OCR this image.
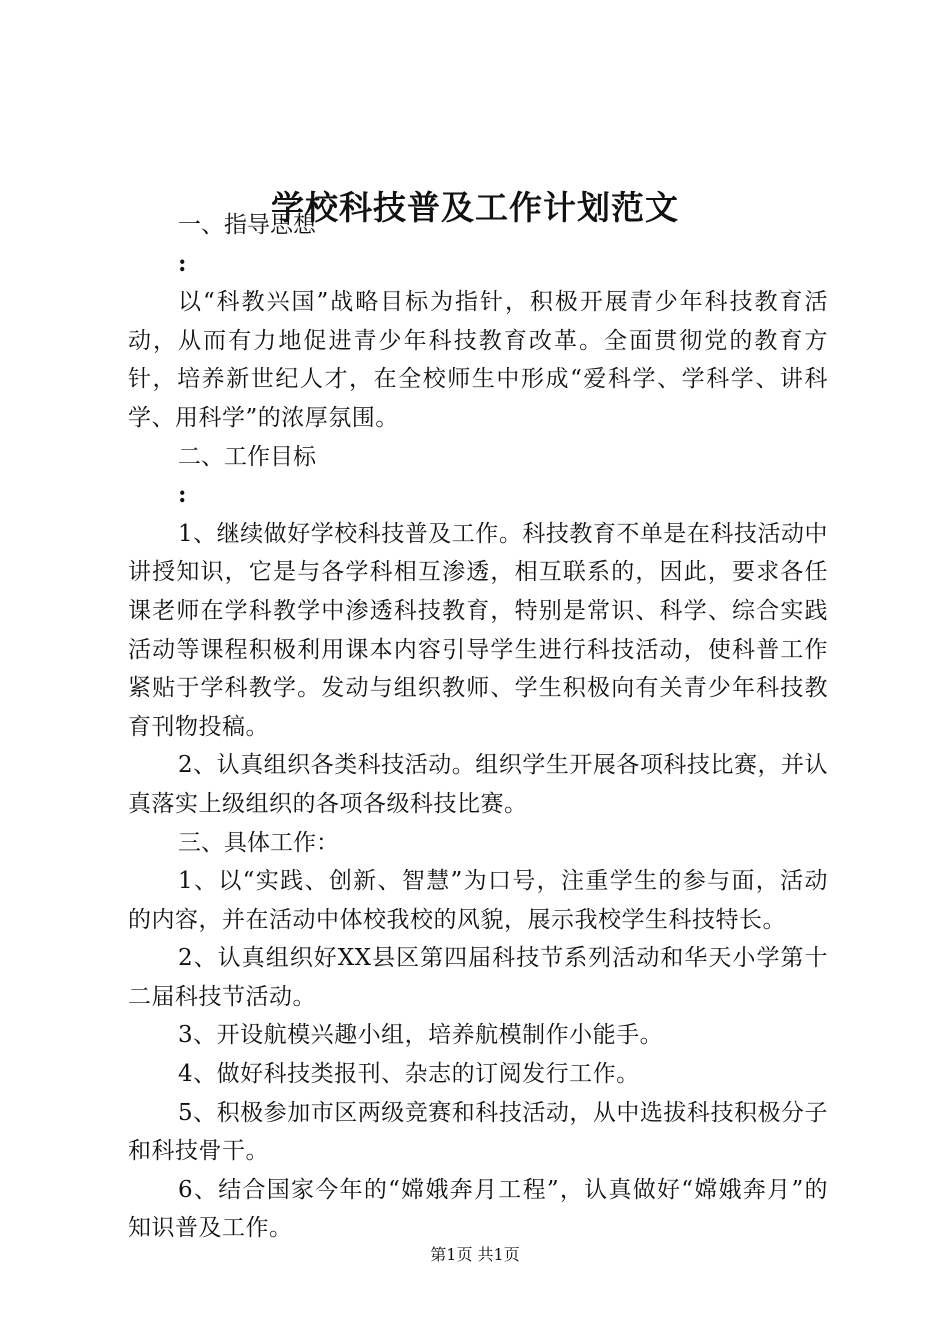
学校科技普及工作计划范文

一、指导思想

:

以“科教兴国”战略目标为指针，积极开展青少年科技教育活动，从而有力地促进青少年科技教育改革。全面贯彻党的教育方针，培养新世纪人才，在全校师生中形成“爱科学、学科学、讲科学、用科学”的浓厚氛围。

二、工作目标

:

1、继续做好学校科技普及工作。科技教育不单是在科技活动中讲授知识，它是与各学科相互渗透，相互联系的，因此，要求各任课老师在学科教学中渗透科技教育，特别是常识、科学、综合实践活动等课程积极利用课本内容引导学生进行科技活动，使科普工作紧贴于学科教学。发动与组织教师、学生积极向有关青少年科技教育刊物投稿。

2、认真组织各类科技活动。组织学生开展各项科技比赛，并认真落实上级组织的各项各级科技比赛。

三、具体工作：

1、以“实践、创新、智慧”为口号，注重学生的参与面，活动的内容，并在活动中体校我校的风貌，展示我校学生科技特长。

2、认真组织好XX县区第四届科技节系列活动和华天小学第十二届科技节活动。

3、开设航模兴趣小组，培养航模制作小能手。

4、做好科技类报刊、杂志的订阅发行工作。

5、积极参加市区两级竞赛和科技活动，从中选拔科技积极分子和科技骨干。

6、结合国家今年的“嫦娥奔月工程”，认真做好“嫦娥奔月”的知识普及工作。

第1页 共1页
